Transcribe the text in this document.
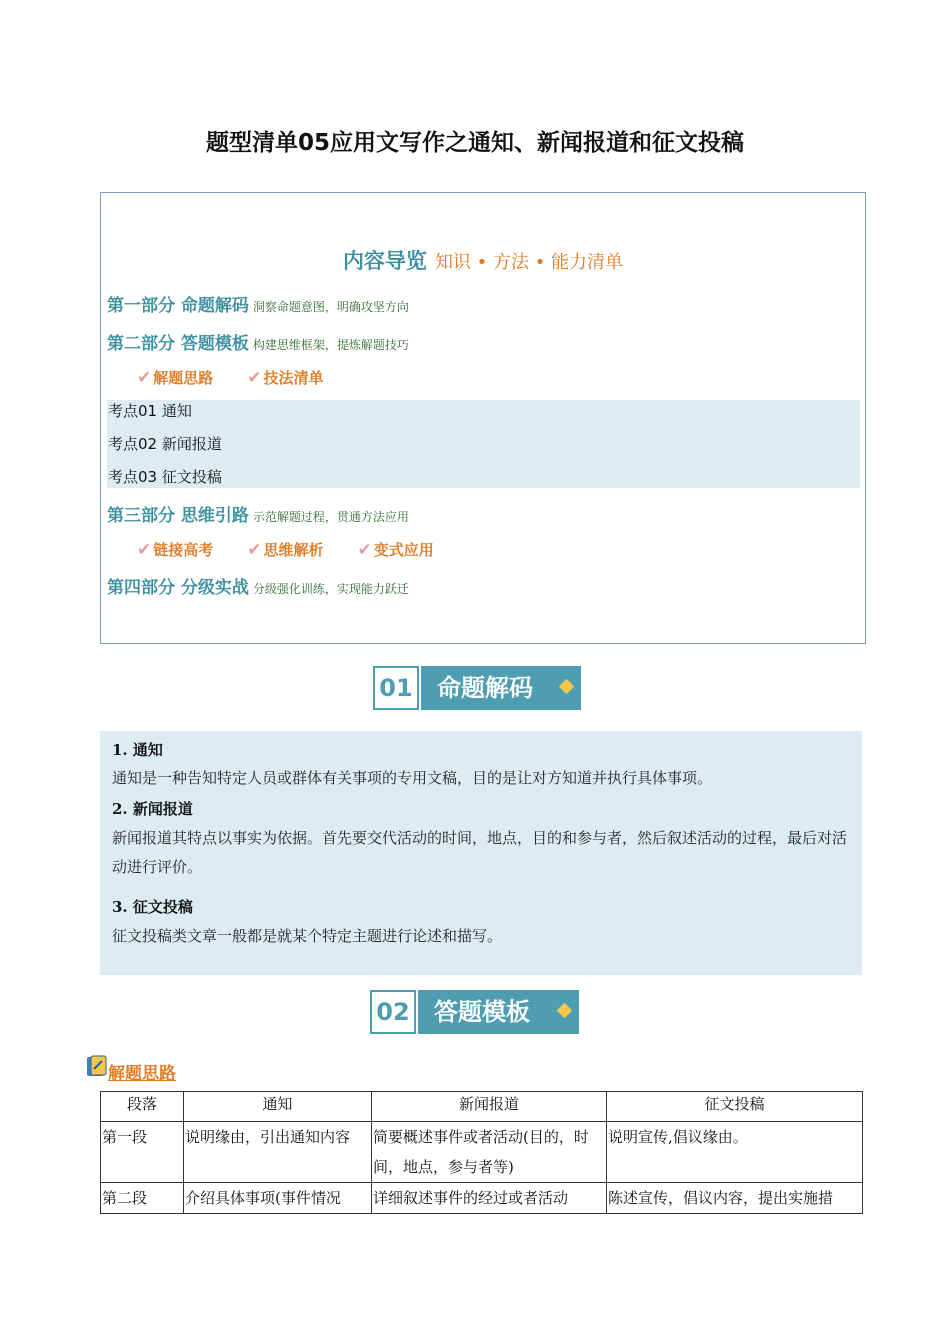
题型清单05应用文写作之通知、新闻报道和征文投稿
内容导览 知识 • 方法 • 能力清单
第一部分 命题解码 洞察命题意图，明确攻坚方向
第二部分 答题模板 构建思维框架，提炼解题技巧
✔ 解题思路 ✔ 技法清单
考点01 通知
考点02 新闻报道
考点03 征文投稿
第三部分 思维引路 示范解题过程，贯通方法应用
✔ 链接高考 ✔ 思维解析 ✔ 变式应用
第四部分 分级实战 分级强化训练，实现能力跃迁
01	命题解码
1. 通知
通知是一种告知特定人员或群体有关事项的专用文稿，目的是让对方知道并执行具体事项。
2. 新闻报道
新闻报道其特点以事实为依据。首先要交代活动的时间，地点，目的和参与者，然后叙述活动的过程，最后对活动进行评价。
3. 征文投稿
征文投稿类文章一般都是就某个特定主题进行论述和描写。
02	答题模板
解题思路
段落	通知	新闻报道	征文投稿
第一段	说明缘由，引出通知内容	简要概述事件或者活动(目的，时间，地点，参与者等)	说明宣传,倡议缘由。
第二段	介绍具体事项(事件情况	详细叙述事件的经过或者活动	陈述宣传，倡议内容，提出实施措
